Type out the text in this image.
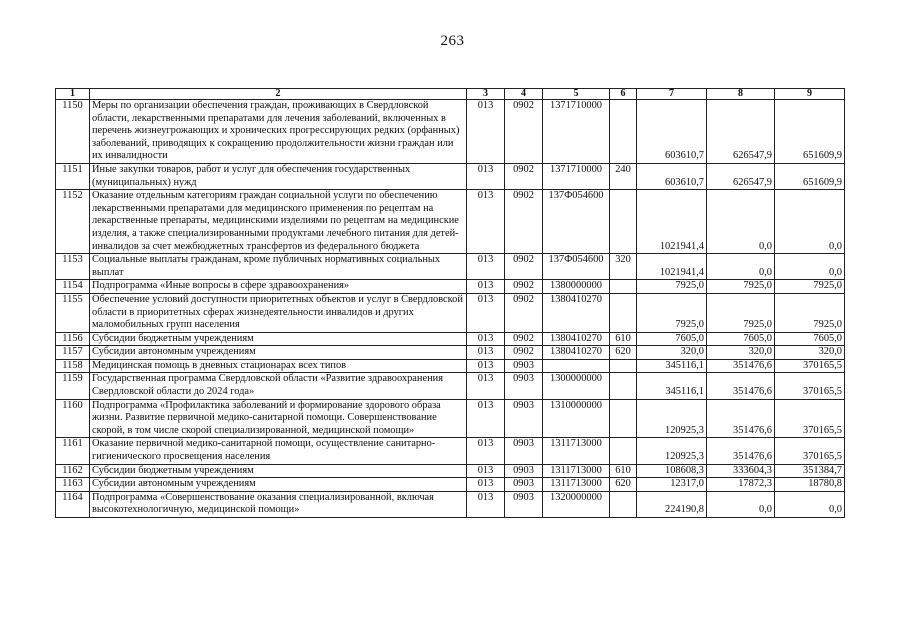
263
1	2	3	4	5	6	7	8	9
1150	Меры по организации обеспечения граждан, проживающих в Свердловской области, лекарственными препаратами для лечения заболеваний, включенных в перечень жизнеугрожающих и хронических прогрессирующих редких (орфанных) заболеваний, приводящих к сокращению продолжительности жизни граждан или их инвалидности	013	0902	1371710000		603610,7	626547,9	651609,9
1151	Иные закупки товаров, работ и услуг для обеспечения государственных (муниципальных) нужд	013	0902	1371710000	240	603610,7	626547,9	651609,9
1152	Оказание отдельным категориям граждан социальной услуги по обеспечению лекарственными препаратами для медицинского применения по рецептам на лекарственные препараты, медицинскими изделиями по рецептам на медицинские изделия, а также специализированными продуктами лечебного питания для детей-инвалидов за счет межбюджетных трансфертов из федерального бюджета	013	0902	137Ф054600		1021941,4	0,0	0,0
1153	Социальные выплаты гражданам, кроме публичных нормативных социальных выплат	013	0902	137Ф054600	320	1021941,4	0,0	0,0
1154	Подпрограмма «Иные вопросы в сфере здравоохранения»	013	0902	1380000000		7925,0	7925,0	7925,0
1155	Обеспечение условий доступности приоритетных объектов и услуг в Свердловской области в приоритетных сферах жизнедеятельности инвалидов и других маломобильных групп населения	013	0902	1380410270		7925,0	7925,0	7925,0
1156	Субсидии бюджетным учреждениям	013	0902	1380410270	610	7605,0	7605,0	7605,0
1157	Субсидии автономным учреждениям	013	0902	1380410270	620	320,0	320,0	320,0
1158	Медицинская помощь в дневных стационарах всех типов	013	0903			345116,1	351476,6	370165,5
1159	Государственная программа Свердловской области «Развитие здравоохранения Свердловской области до 2024 года»	013	0903	1300000000		345116,1	351476,6	370165,5
1160	Подпрограмма «Профилактика заболеваний и формирование здорового образа жизни. Развитие первичной медико-санитарной помощи. Совершенствование скорой, в том числе скорой специализированной, медицинской помощи»	013	0903	1310000000		120925,3	351476,6	370165,5
1161	Оказание первичной медико-санитарной помощи, осуществление санитарно-гигиенического просвещения населения	013	0903	1311713000		120925,3	351476,6	370165,5
1162	Субсидии бюджетным учреждениям	013	0903	1311713000	610	108608,3	333604,3	351384,7
1163	Субсидии автономным учреждениям	013	0903	1311713000	620	12317,0	17872,3	18780,8
1164	Подпрограмма «Совершенствование оказания специализированной, включая высокотехнологичную, медицинской помощи»	013	0903	1320000000		224190,8	0,0	0,0
